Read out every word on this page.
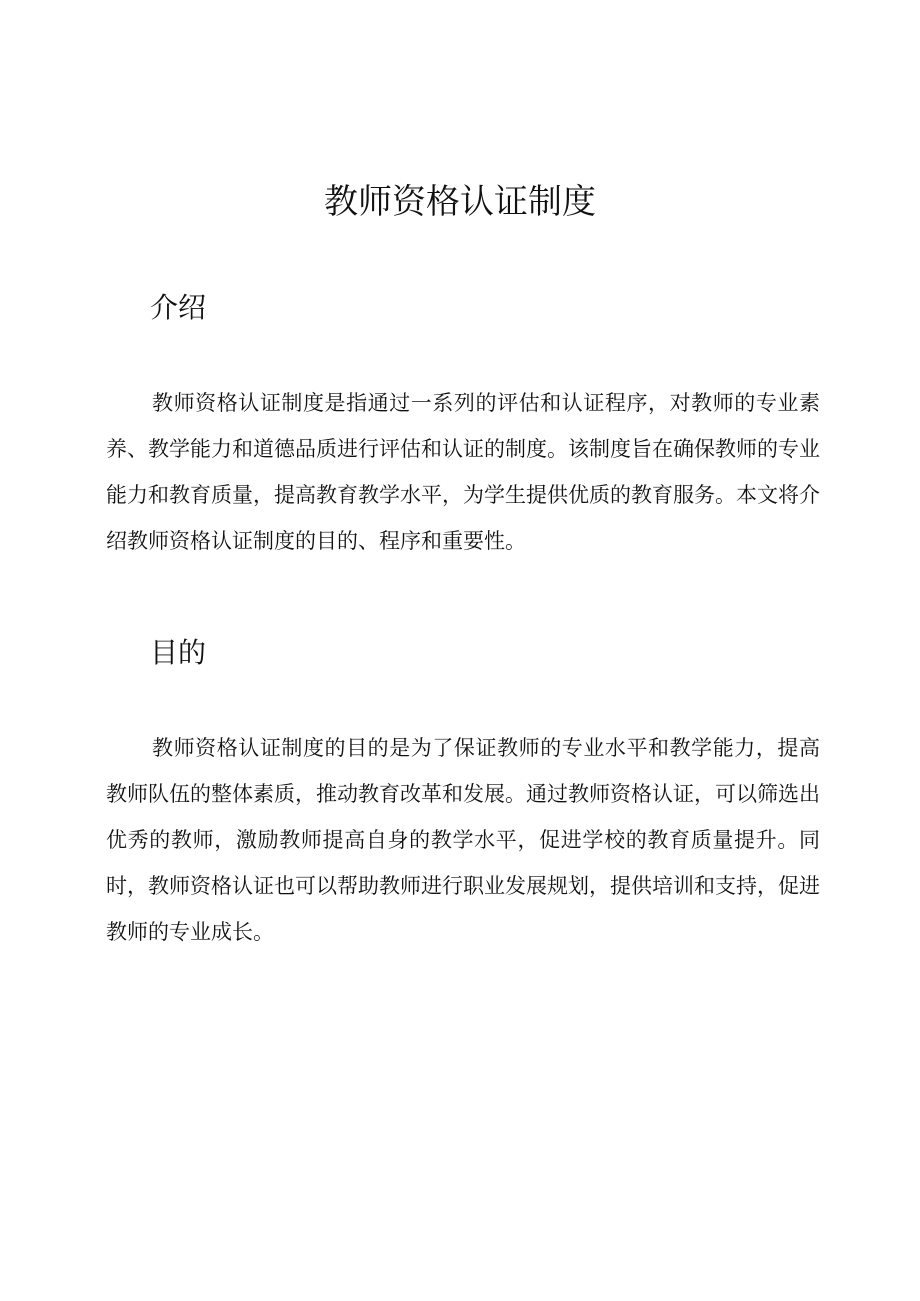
教师资格认证制度
介绍

教师资格认证制度是指通过一系列的评估和认证程序，对教师的专业素养、教学能力和道德品质进行评估和认证的制度。该制度旨在确保教师的专业能力和教育质量，提高教育教学水平，为学生提供优质的教育服务。本文将介绍教师资格认证制度的目的、程序和重要性。

目的

教师资格认证制度的目的是为了保证教师的专业水平和教学能力，提高教师队伍的整体素质，推动教育改革和发展。通过教师资格认证，可以筛选出优秀的教师，激励教师提高自身的教学水平，促进学校的教育质量提升。同时，教师资格认证也可以帮助教师进行职业发展规划，提供培训和支持，促进教师的专业成长。
